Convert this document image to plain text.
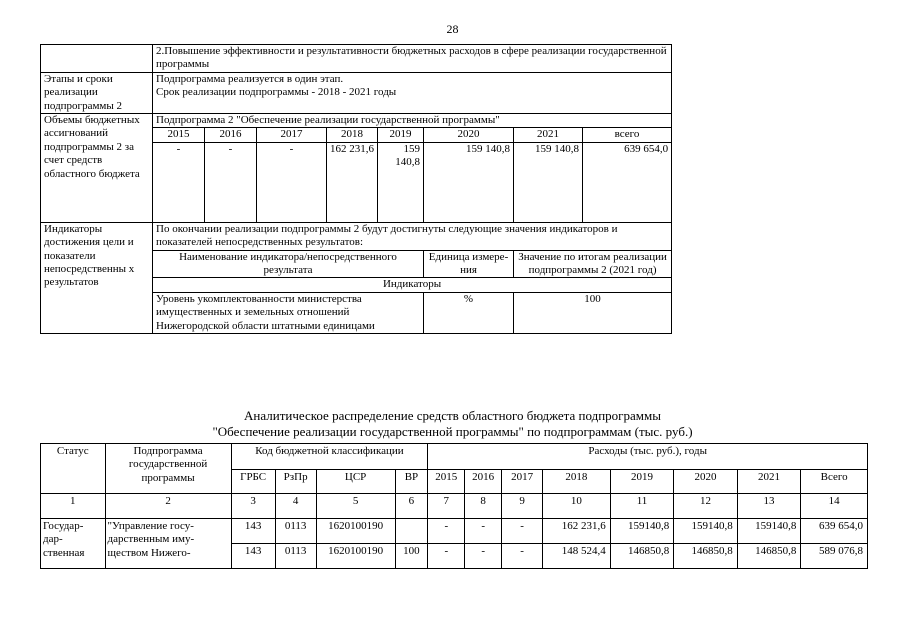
28
	2.Повышение эффективности и результативности бюджетных расходов в сфере реализации государственной программы							
Этапы и сроки реализации подпрограммы 2	Подпрограмма реализуется в один этап.
Срок реализации подпрограммы - 2018 - 2021 годы							

Объемы бюджетных ассигнований подпрограммы 2 за счет средств областного бюджета	Подпрограмма 2 "Обеспечение реализации государственной программы"							
	2015	2016	2017	2018	2019	2020	2021	всего
	-	-	-	162 231,6	159 140,8	159 140,8	159 140,8	639 654,0
Индикаторы достижения цели и показатели непосредственны х результатов	По окончании реализации подпрограммы 2 будут достигнуты следующие значения индикаторов и показателей непосредственных результатов:							
	Наименование индикатора/непосредственного результата					Единица измере-ния	Значение по итогам реализации подпрограммы 2 (2021 год)	
	Индикаторы							

	Уровень укомплектованности министерства имущественных и земельных отношений Нижегородской области штатными единицами					%	100	
Аналитическое распределение средств областного бюджета подпрограммы
"Обеспечение реализации государственной программы" по подпрограммам (тыс. руб.)
Статус	Подпрограмма государственной программы	Код бюджетной классификации				Расходы (тыс. руб.), годы							
		ГРБС	РзПр	ЦСР	ВР	2015	2016	2017	2018	2019	2020	2021	Всего
1	2	3	4	5	6	7	8	9	10	11	12	13	14
Государ-дар-ственная	"Управление госу-дарственным иму-ществом Нижего-	143	0113	1620100190		-	-	-	162 231,6	159140,8	159140,8	159140,8	639 654,0
		143	0113	1620100190	100	-	-	-	148 524,4	146850,8	146850,8	146850,8	589 076,8
